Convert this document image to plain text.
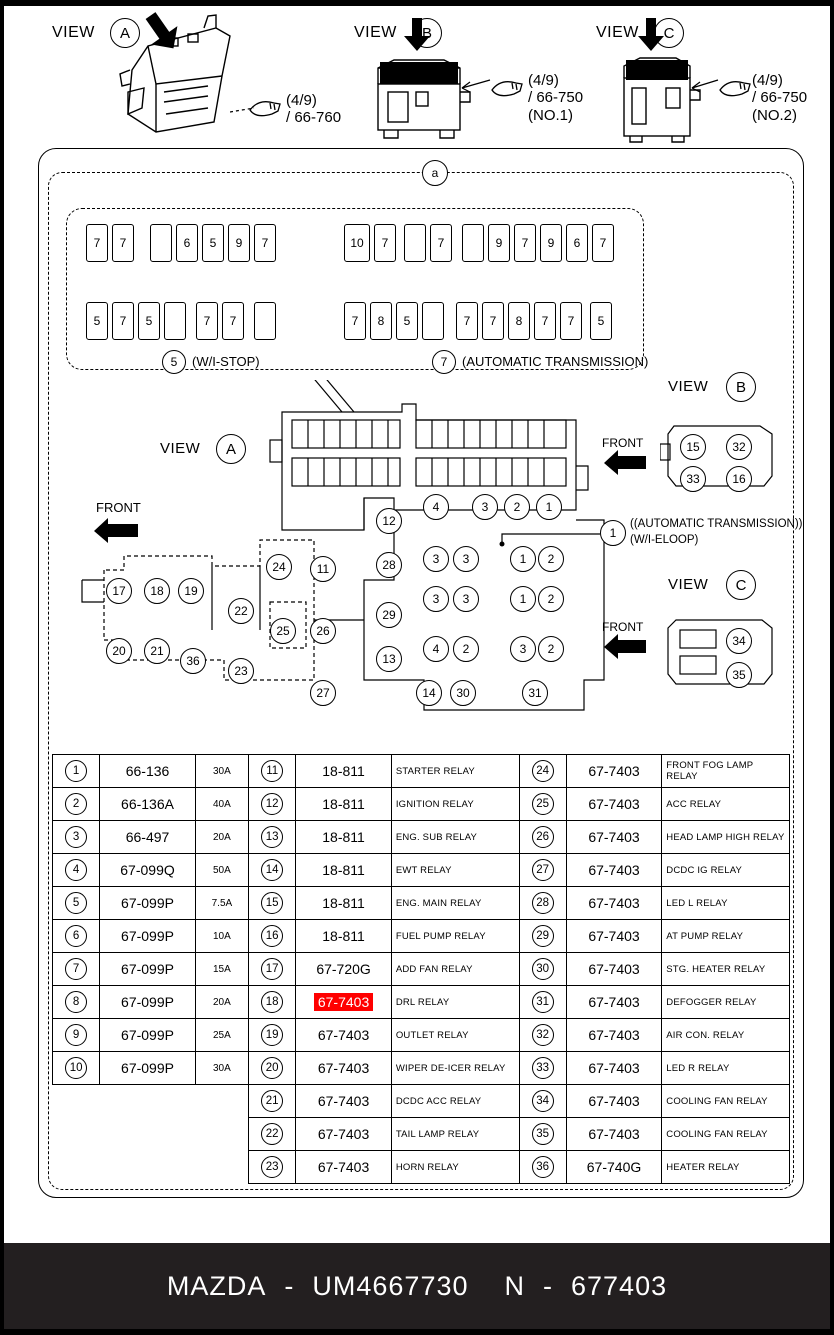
VIEW	A
(4/9)
/ 66-760
VIEW	B
(4/9)
/ 66-750
(NO.1)
VIEW	C
(4/9)
/ 66-750
(NO.2)
a
7	7	6	5	9	7
5	7	5	7	7
10	7	7	9	7	9	6	7
7	8	5	7	7	8	7	7	5
5	(W/I-STOP)	7	(AUTOMATIC TRANSMISSION)
VIEW	A
FRONT
VIEW	B
15	32
33	16
FRONT
VIEW	C
34
35
FRONT
4	3	2	1
3	3	1	2
3	3	1	2
4	2	3	2
14	30	31
12
28
29
13
17	18	19
20	21
36
22
23
24
25	26
27
11
1
((AUTOMATIC TRANSMISSION))
(W/I-ELOOP)
1	66-136	30A	11	18-811	STARTER RELAY	24	67-7403	FRONT FOG LAMP RELAY

2	66-136A	40A	12	18-811	IGNITION RELAY	25	67-7403	ACC RELAY

3	66-497	20A	13	18-811	ENG. SUB RELAY	26	67-7403	HEAD LAMP HIGH RELAY

4	67-099Q	50A	14	18-811	EWT RELAY	27	67-7403	DCDC IG RELAY

5	67-099P	7.5A	15	18-811	ENG. MAIN RELAY	28	67-7403	LED L RELAY

6	67-099P	10A	16	18-811	FUEL PUMP RELAY	29	67-7403	AT PUMP RELAY

7	67-099P	15A	17	67-720G	ADD FAN RELAY	30	67-7403	STG. HEATER RELAY

8	67-099P	20A	18	67-7403	DRL RELAY	31	67-7403	DEFOGGER RELAY

9	67-099P	25A	19	67-7403	OUTLET RELAY	32	67-7403	AIR CON. RELAY

10	67-099P	30A	20	67-7403	WIPER DE-ICER RELAY	33	67-7403	LED R RELAY

21	67-7403	DCDC ACC RELAY	34	67-7403	COOLING FAN RELAY

22	67-7403	TAIL LAMP RELAY	35	67-7403	COOLING FAN RELAY

23	67-7403	HORN RELAY	36	67-740G	HEATER RELAY
MAZDA - UM4667730 N - 677403
